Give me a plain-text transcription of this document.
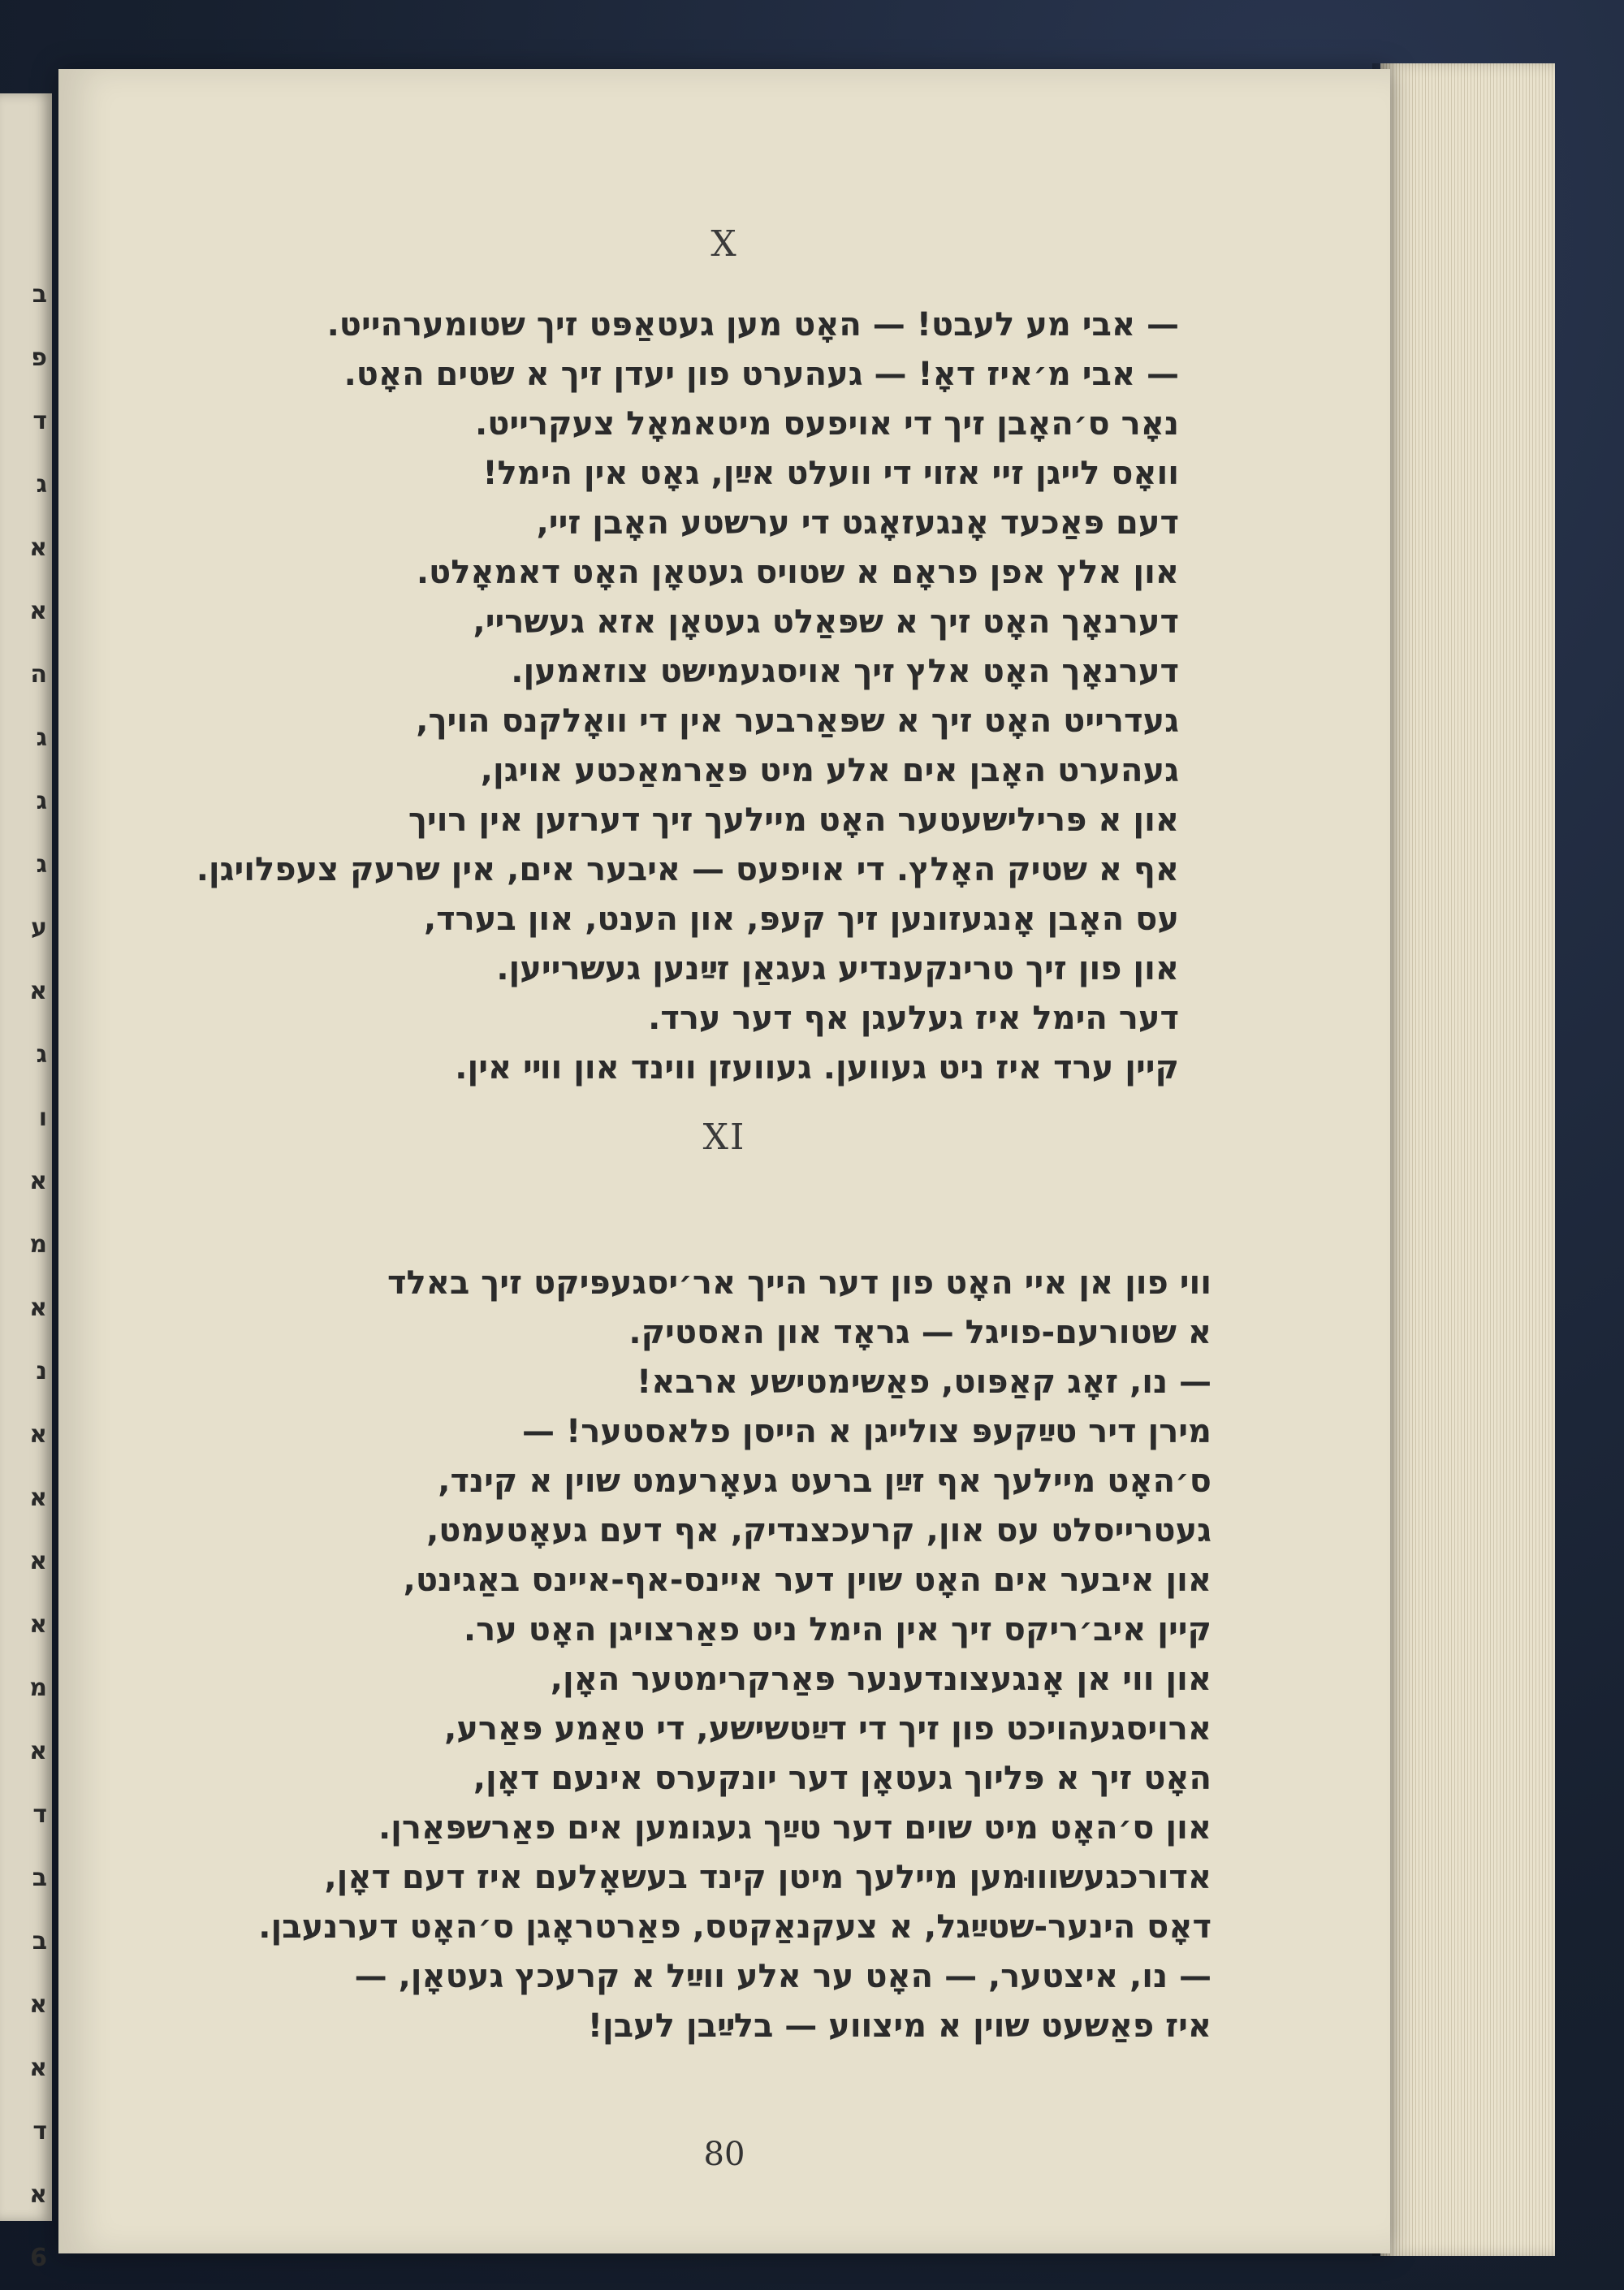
ב
פ
ד
ג
א
א
ה
ג
ג
ג
ע
א
ג
ו
א
מ
א
נ
א
א
א
א
מ
א
ד
ב
ב
א
א
ד
א
6
X
— אבי מע לעבט! — האָט מען געטאַפּט זיך שטומערהייט.
— אבי מ׳איז דאָ! — געהערט פון יעדן זיך א שטים האָט.
נאָר ס׳האָבן זיך די אויפעס מיטאמאָל צעקרייט.
וואָס לייגן זיי אזוי די וועלט אײַן, גאָט אין הימל!
דעם פּאַכעד אָנגעזאָגט די ערשטע האָבן זיי,
און אלץ אפן פראָם א שטויס געטאָן האָט דאמאָלט.
דערנאָך האָט זיך א שפּאַלט געטאָן אזא געשריי,
דערנאָך האָט אלץ זיך אויסגעמישט צוזאמען.
געדרייט האָט זיך א שפּאַרבער אין די וואָלקנס הויך,
געהערט האָבן אים אלע מיט פּאַרמאַכטע אויגן,
און א פּרילישעטער האָט מיילעך זיך דערזען אין רויך
אף א שטיק האָלץ. די אויפעס — איבער אים, אין שרעק צעפלויגן.
עס האָבן אָנגעזונען זיך קעפּ, און הענט, און בערד,
און פון זיך טרינקענדיע געגאַן זײַנען געשרייען.
דער הימל איז געלעגן אף דער ערד.
קיין ערד איז ניט געווען. געוועזן ווינד און ווײ אין.
XI
ווי פון אן איי האָט פון דער הייך אר׳יסגעפּיקט זיך באלד
א שטורעם-פויגל — גראָד און האסטיק.
— נו, זאָג קאַפּוט, פאַשימטישע ארבא!
מירן דיר טײַקעפּ צולייגן א הייסן פלאסטער! —
ס׳האָט מיילעך אף זײַן ברעט געאָרעמט שוין א קינד,
געטרייסלט עס און, קרעכצנדיק, אף דעם געאָטעמט,
און איבער אים האָט שוין דער איינס-אף-איינס באַגינט,
קיין איב׳ריקס זיך אין הימל ניט פאַרצויגן האָט ער.
און ווי אן אָנגעצונדענער פּאַרקרימטער האָן,
ארויסגעהויכט פון זיך די דײַטשישע, די טאַמע פּאַרע,
האָט זיך א פּליוך געטאָן דער יונקערס אינעם דאָן,
און ס׳האָט מיט שוים דער טײַך געגומען אים פאַרשפּאַרן.
אדורכגעשוווּמען מיילעך מיטן קינד בעשאָלעם איז דעם דאָן,
דאָס הינער-שטײַגל, א צעקנאַקטס, פאַרטראָגן ס׳האָט דערנעבן.
— נו, איצטער, — האָט ער אלע ווײַל א קרעכץ געטאָן, —
איז פאַשעט שוין א מיצווע — בלײַבן לעבן!
80
